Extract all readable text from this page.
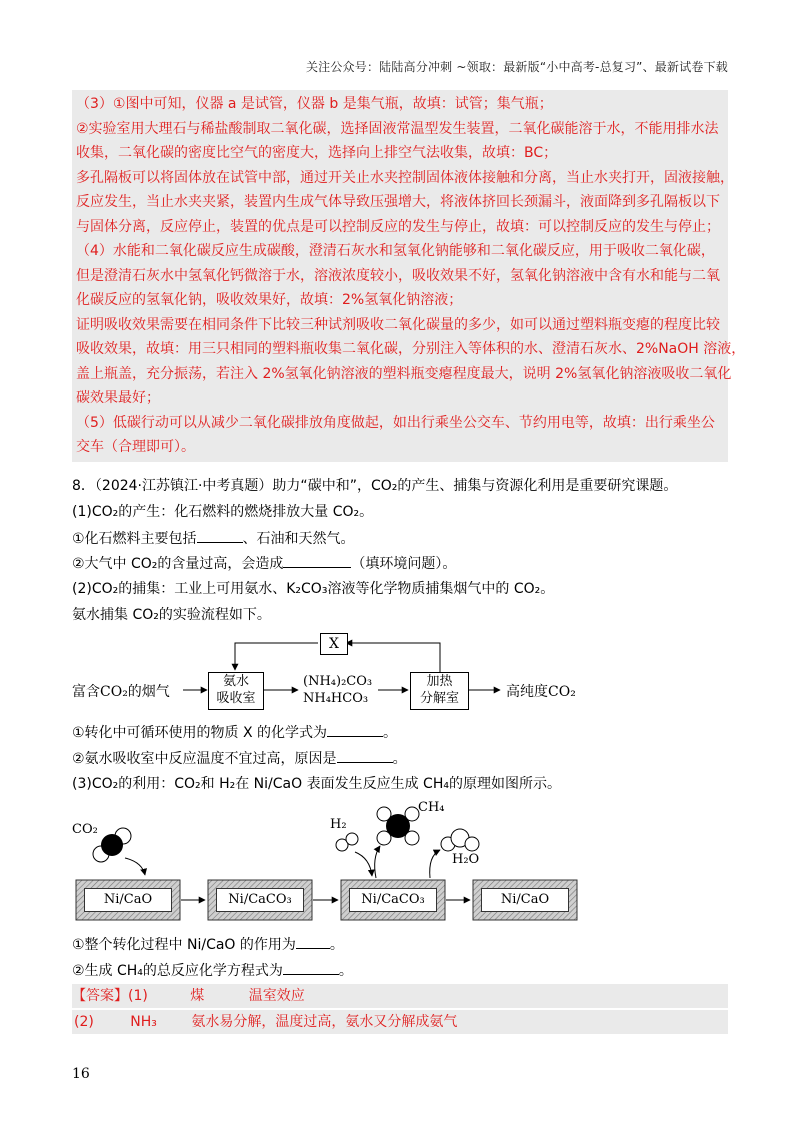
关注公众号：陆陆高分冲刺 ~领取：最新版“小中高考-总复习”、最新试卷下载
（3）①图中可知，仪器 a 是试管，仪器 b 是集气瓶，故填：试管；集气瓶；
②实验室用大理石与稀盐酸制取二氧化碳，选择固液常温型发生装置，二氧化碳能溶于水，不能用排水法
收集，二氧化碳的密度比空气的密度大，选择向上排空气法收集，故填：BC；
多孔隔板可以将固体放在试管中部，通过开关止水夹控制固体液体接触和分离，当止水夹打开，固液接触，
反应发生，当止水夹夹紧，装置内生成气体导致压强增大，将液体挤回长颈漏斗，液面降到多孔隔板以下
与固体分离，反应停止，装置的优点是可以控制反应的发生与停止，故填：可以控制反应的发生与停止；
（4）水能和二氧化碳反应生成碳酸，澄清石灰水和氢氧化钠能够和二氧化碳反应，用于吸收二氧化碳，
但是澄清石灰水中氢氧化钙微溶于水，溶液浓度较小，吸收效果不好，氢氧化钠溶液中含有水和能与二氧
化碳反应的氢氧化钠，吸收效果好，故填：2%氢氧化钠溶液；
证明吸收效果需要在相同条件下比较三种试剂吸收二氧化碳量的多少，如可以通过塑料瓶变瘪的程度比较
吸收效果，故填：用三只相同的塑料瓶收集二氧化碳，分别注入等体积的水、澄清石灰水、2%NaOH 溶液，
盖上瓶盖，充分振荡，若注入 2%氢氧化钠溶液的塑料瓶变瘪程度最大，说明 2%氢氧化钠溶液吸收二氧化
碳效果最好；
（5）低碳行动可以从减少二氧化碳排放角度做起，如出行乘坐公交车、节约用电等，故填：出行乘坐公
交车（合理即可）。
8．（2024·江苏镇江·中考真题）助力“碳中和”，CO₂的产生、捕集与资源化利用是重要研究课题。
(1)CO₂的产生：化石燃料的燃烧排放大量 CO₂。
①化石燃料主要包括	、石油和天然气。
②大气中 CO₂的含量过高，会造成	（填环境问题）。
(2)CO₂的捕集：工业上可用氨水、K₂CO₃溶液等化学物质捕集烟气中的 CO₂。
氨水捕集 CO₂的实验流程如下。
X
富含CO₂的烟气
氨水
吸收室
(NH₄)₂CO₃
NH₄HCO₃
加热
分解室	高纯度CO₂
①转化中可循环使用的物质 X 的化学式为	。
②氨水吸收室中反应温度不宜过高，原因是	。
(3)CO₂的利用：CO₂和 H₂在 Ni/CaO 表面发生反应生成 CH₄的原理如图所示。
CO₂	H₂
CH₄
H₂O
Ni/CaO	Ni/CaCO₃	Ni/CaCO₃	Ni/CaO
①整个转化过程中 Ni/CaO 的作用为 。
②生成 CH₄的总反应化学方程式为	。
【答案】(1)	煤	温室效应
(2)	NH₃ 氨水易分解，温度过高，氨水又分解成氨气
16
